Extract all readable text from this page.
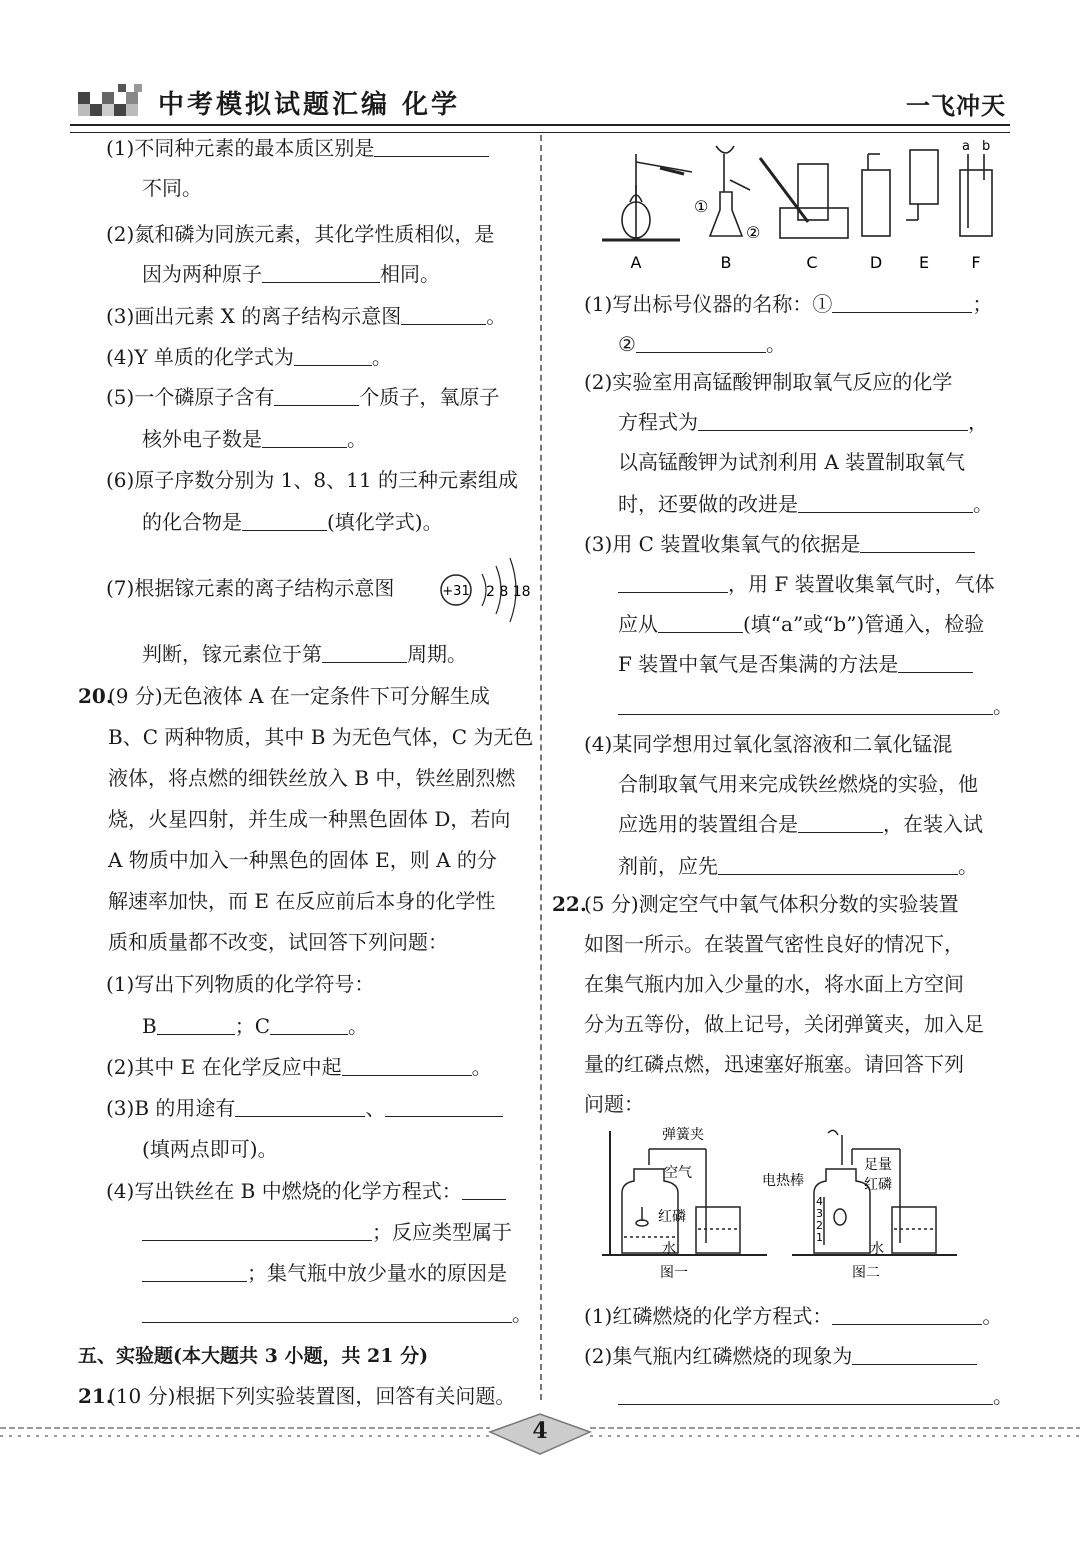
中考模拟试题汇编 化学	一飞冲天
(1)不同种元素的最本质区别是
不同。
(2)氮和磷为同族元素，其化学性质相似，是
因为两种原子	相同。
(3)画出元素 X 的离子结构示意图	。
(4)Y 单质的化学式为	。
(5)一个磷原子含有	个质子，氧原子
核外电子数是	。
(6)原子序数分别为 1、8、11 的三种元素组成
的化合物是	(填化学式)。
(7)根据镓元素的离子结构示意图	+31 2 8 18
判断，镓元素位于第	周期。
20.
(9 分)无色液体 A 在一定条件下可分解生成
B、C 两种物质，其中 B 为无色气体，C 为无色
液体，将点燃的细铁丝放入 B 中，铁丝剧烈燃
烧，火星四射，并生成一种黑色固体 D，若向
A 物质中加入一种黑色的固体 E，则 A 的分
解速率加快，而 E 在反应前后本身的化学性
质和质量都不改变，试回答下列问题：
(1)写出下列物质的化学符号：
B	；C	。
(2)其中 E 在化学反应中起	。
(3)B 的用途有	、
(填两点即可)。
(4)写出铁丝在 B 中燃烧的化学方程式：
；反应类型属于
；集气瓶中放少量水的原因是
。
五、实验题(本大题共 3 小题，共 21 分)
21.
(10 分)根据下列实验装置图，回答有关问题。
①
②
a b
A	B	C	D E	F
(1)写出标号仪器的名称：①	；
②	。
(2)实验室用高锰酸钾制取氧气反应的化学
方程式为	，
以高锰酸钾为试剂利用 A 装置制取氧气
时，还要做的改进是	。
(3)用 C 装置收集氧气的依据是
，用 F 装置收集氧气时，气体
应从	(填“a”或“b”)管通入，检验
F 装置中氧气是否集满的方法是
。
(4)某同学想用过氧化氢溶液和二氧化锰混
合制取氧气用来完成铁丝燃烧的实验，他
应选用的装置组合是	，在装入试
剂前，应先	。
22.
(5 分)测定空气中氧气体积分数的实验装置
如图一所示。在装置气密性良好的情况下，
在集气瓶内加入少量的水，将水面上方空间
分为五等份，做上记号，关闭弹簧夹，加入足
量的红磷点燃，迅速塞好瓶塞。请回答下列
问题：
弹簧夹
空气
红磷
水
图一
电热棒
足量
红磷
水
4
3
2
1
图二
(1)红磷燃烧的化学方程式：	。
(2)集气瓶内红磷燃烧的现象为
。
4
